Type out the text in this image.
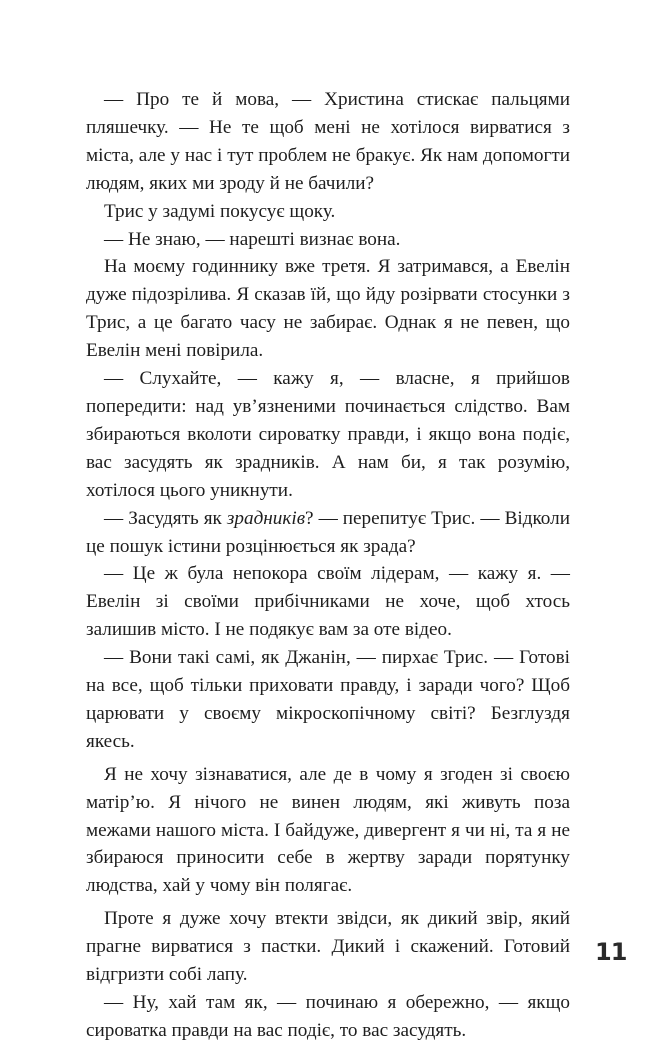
— Про те й мова, — Христина стискає пальцями пляшечку. — Не те щоб мені не хотілося вирватися з міста, але у нас і тут проблем не бракує. Як нам допомогти людям, яких ми зроду й не бачили?

Трис у задумі покусує щоку.

— Не знаю, — нарешті визнає вона.

На моєму годиннику вже третя. Я затримався, а Евелін дуже підозрілива. Я сказав їй, що йду розірвати стосунки з Трис, а це багато часу не забирає. Однак я не певен, що Евелін мені повірила.

— Слухайте, — кажу я, — власне, я прийшов попередити: над ув’язненими починається слідство. Вам збираються вколоти сироватку правди, і якщо вона подіє, вас засудять як зрадників. А нам би, я так розумію, хотілося цього уникнути.

— Засудять як зрадників? — перепитує Трис. — Відколи це пошук істини розцінюється як зрада?

— Це ж була непокора своїм лідерам, — кажу я. — Евелін зі своїми прибічниками не хоче, щоб хтось залишив місто. І не подякує вам за оте відео.

— Вони такі самі, як Джанін, — пирхає Трис. — Готові на все, щоб тільки приховати правду, і заради чого? Щоб царювати у своєму мікроскопічному світі? Безглуздя якесь.

Я не хочу зізнаватися, але де в чому я згоден зі своєю матір’ю. Я нічого не винен людям, які живуть поза межами нашого міста. І байдуже, дивергент я чи ні, та я не збираюся приносити себе в жертву заради порятунку людства, хай у чому він полягає.

Проте я дуже хочу втекти звідси, як дикий звір, який прагне вирватися з пастки. Дикий і скажений. Готовий відгризти собі лапу.

— Ну, хай там як, — починаю я обережно, — якщо сироватка правди на вас подіє, то вас засудять.

11
